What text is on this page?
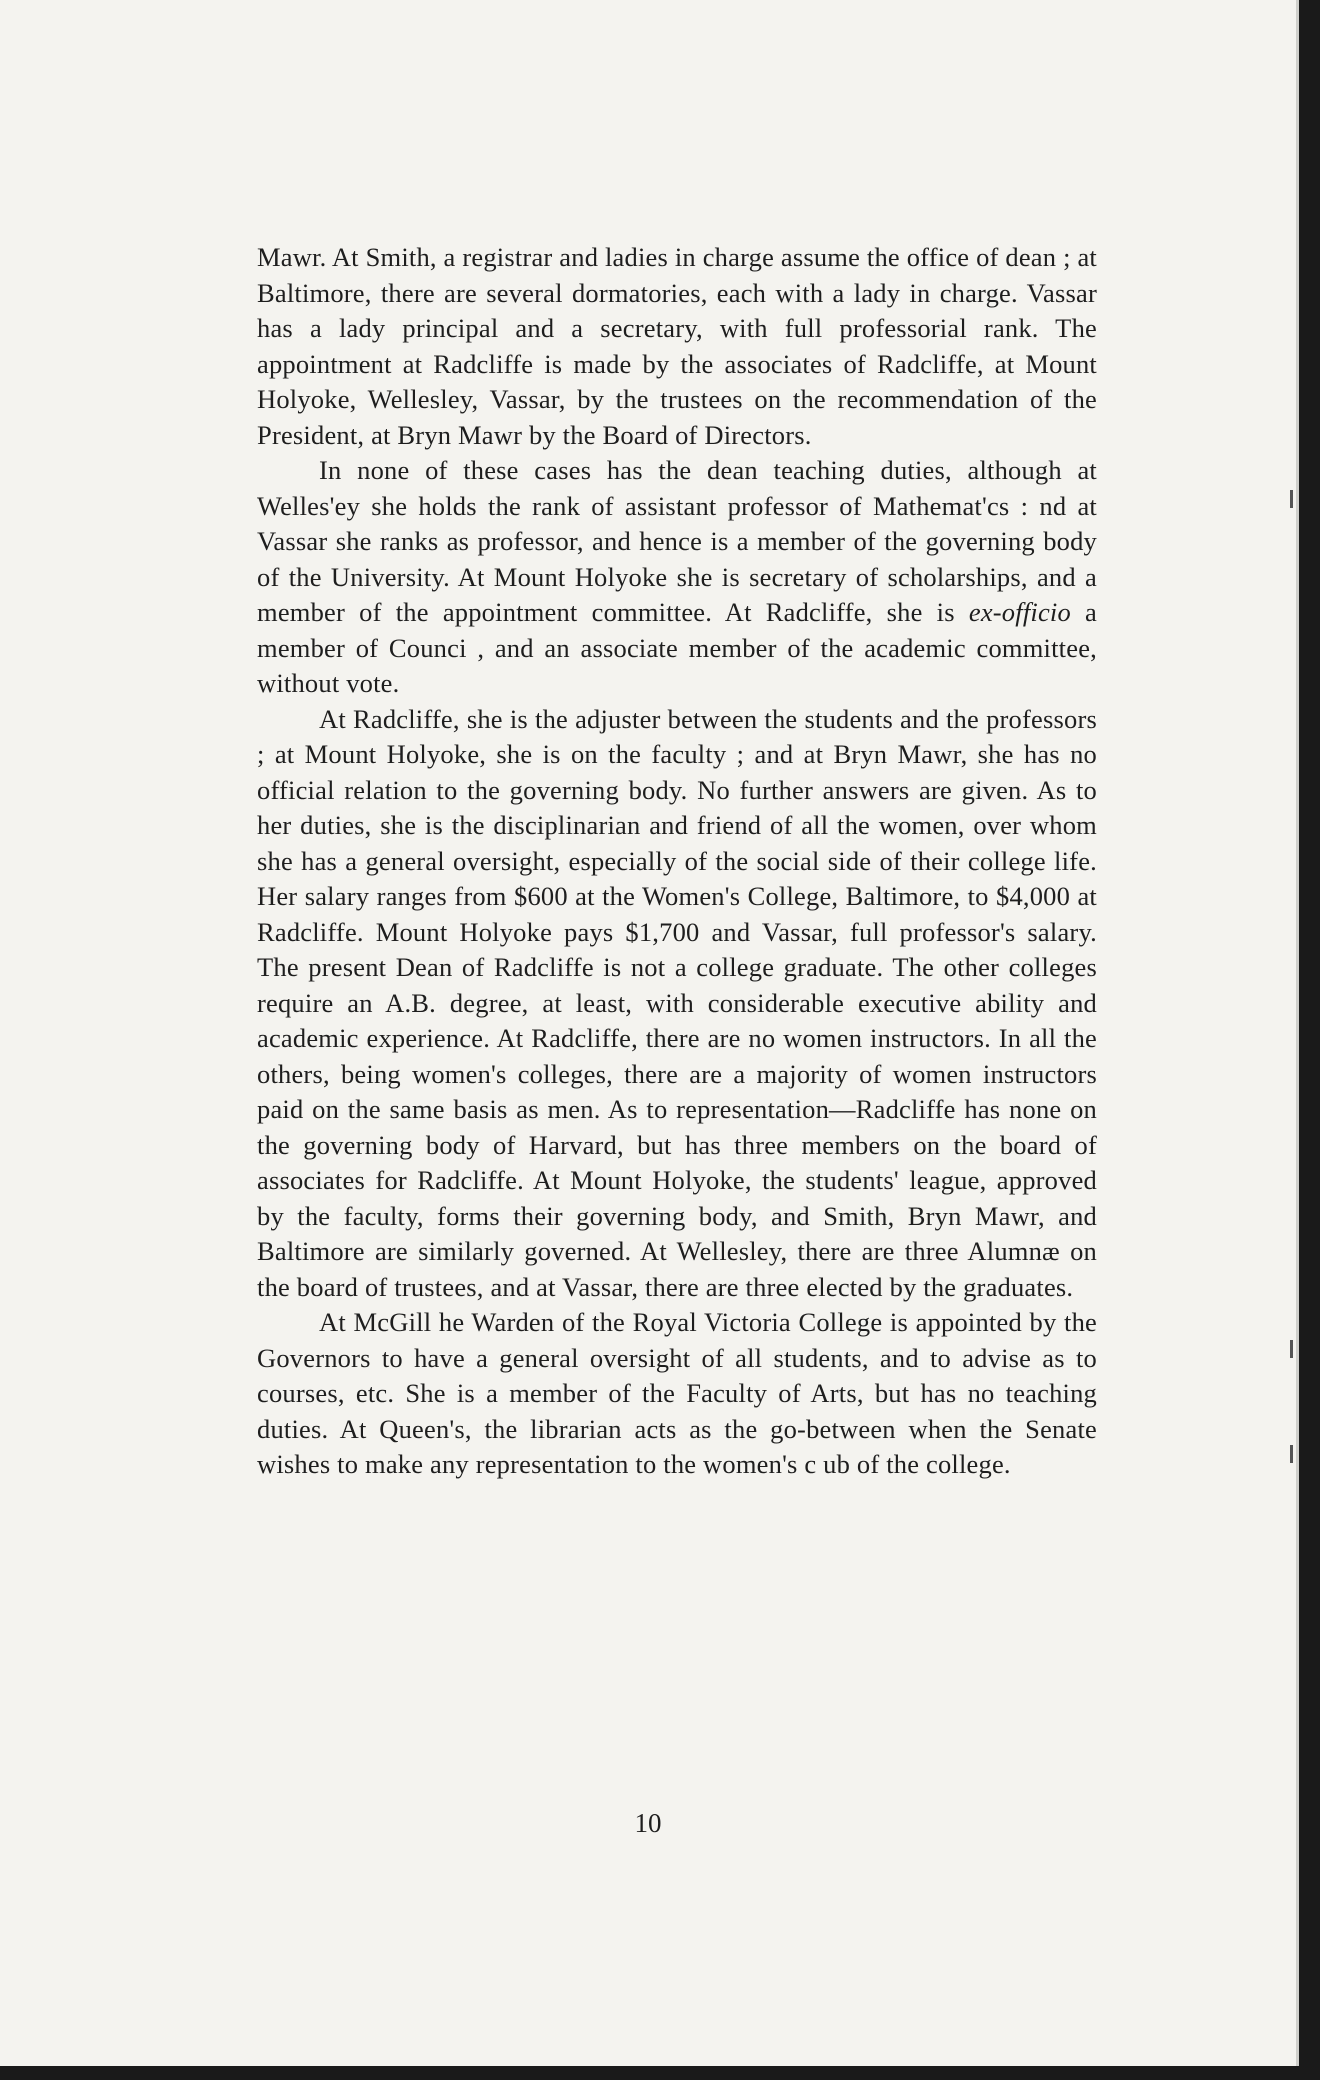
Mawr. At Smith, a registrar and ladies in charge assume the office of dean ; at Baltimore, there are several dormatories, each with a lady in charge. Vassar has a lady principal and a secretary, with full professorial rank. The appointment at Radcliffe is made by the associates of Radcliffe, at Mount Holyoke, Wellesley, Vassar, by the trustees on the recommendation of the President, at Bryn Mawr by the Board of Directors.

In none of these cases has the dean teaching duties, although at Welles'ey she holds the rank of assistant professor of Mathemat'cs : nd at Vassar she ranks as professor, and hence is a member of the governing body of the University. At Mount Holyoke she is secretary of scholarships, and a member of the appointment committee. At Radcliffe, she is ex-officio a member of Counci , and an associate member of the academic committee, without vote.

At Radcliffe, she is the adjuster between the students and the professors ; at Mount Holyoke, she is on the faculty ; and at Bryn Mawr, she has no official relation to the governing body. No further answers are given. As to her duties, she is the disciplinarian and friend of all the women, over whom she has a general oversight, especially of the social side of their college life. Her salary ranges from $600 at the Women's College, Baltimore, to $4,000 at Radcliffe. Mount Holyoke pays $1,700 and Vassar, full professor's salary. The present Dean of Radcliffe is not a college graduate. The other colleges require an A.B. degree, at least, with considerable executive ability and academic experience. At Radcliffe, there are no women instructors. In all the others, being women's colleges, there are a majority of women instructors paid on the same basis as men. As to representation—Radcliffe has none on the governing body of Harvard, but has three members on the board of associates for Radcliffe. At Mount Holyoke, the students' league, approved by the faculty, forms their governing body, and Smith, Bryn Mawr, and Baltimore are similarly governed. At Wellesley, there are three Alumnæ on the board of trustees, and at Vassar, there are three elected by the graduates.

At McGill he Warden of the Royal Victoria College is appointed by the Governors to have a general oversight of all students, and to advise as to courses, etc. She is a member of the Faculty of Arts, but has no teaching duties. At Queen's, the librarian acts as the go-between when the Senate wishes to make any representation to the women's c ub of the college.

10
